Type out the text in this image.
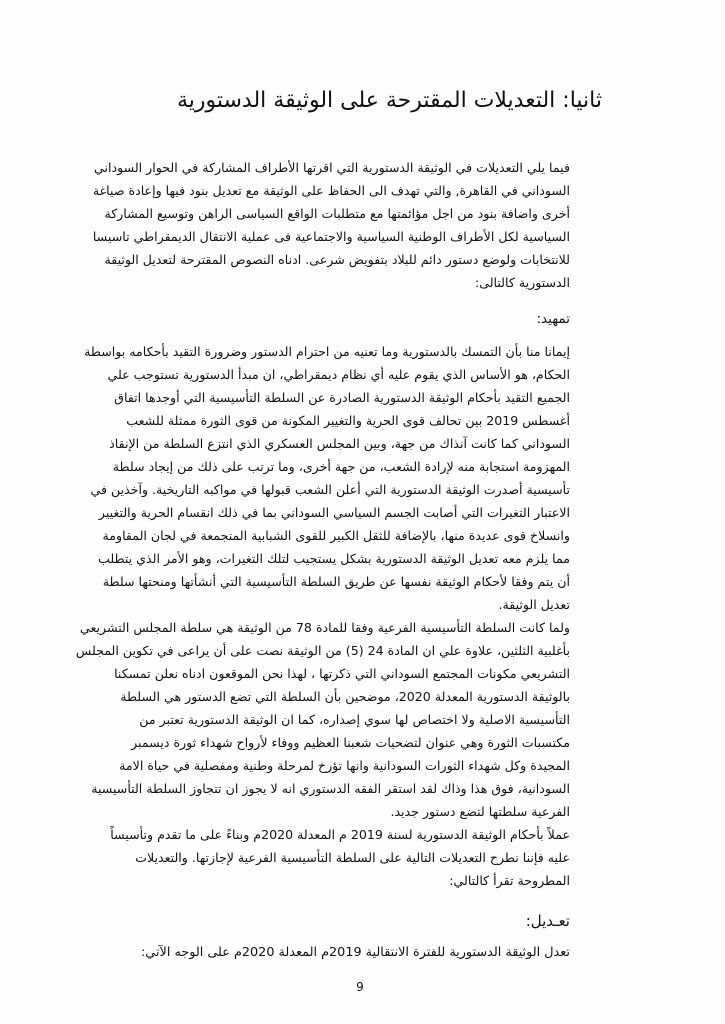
ثانيا: التعديلات المقترحة على الوثيقة الدستورية
فيما يلي التعديلات في الوثيقة الدستورية التي اقرتها الأطراف المشاركة في الحوار السوداني
السوداني في القاهرة, والتي تهدف الى الحفاظ على الوثيقة مع تعديل بنود فيها وإعادة صياغة
أخرى واضافة بنود من اجل مؤائمتها مع متطلبات الواقع السياسى الراهن وتوسيع المشاركة
السياسية لكل الأطراف الوطنية السياسية والاجتماعية فى عملية الانتقال الديمقراطي تاسيسا
للانتخابات ولوضع دستور دائم للبلاد بتفويض شرعى. ادناه النصوص المقترحة لتعديل الوثيقة
الدستورية كالتالى:
تمهيد:
إيمانا منا بأن التمسك بالدستورية وما تعنيه من احترام الدستور وضرورة التقيد بأحكامه بواسطة
الحكام، هو الأساس الذي يقوم عليه أي نظام ديمقراطي، ان مبدأ الدستورية تستوجب علي
الجميع التقيد بأحكام الوثيقة الدستورية الصادرة عن السلطة التأسيسية التي أوجدها اتفاق
أغسطس 2019 بين تحالف قوى الحرية والتغيير المكونة من قوى الثورة ممثلة للشعب
السوداني كما كانت آنذاك من جهة، وبين المجلس العسكري الذي انتزع السلطة من الإنقاذ
المهزومة استجابة منه لإرادة الشعب، من جهة أخرى، وما ترتب على ذلك من إيجاد سلطة
تأسيسية أصدرت الوثيقة الدستورية التي أعلن الشعب قبولها في مواكبه التاريخية. وآخذين في
الاعتبار التغيرات التي أصابت الجسم السياسي السوداني بما في ذلك انقسام الحرية والتغيير
وانسلاخ قوى عديدة منها، بالإضافة للثقل الكبير للقوى الشبابية المتجمعة في لجان المقاومة
مما يلزم معه تعديل الوثيقة الدستورية بشكل يستجيب لتلك التغيرات، وهو الأمر الذي يتطلب
أن يتم وفقا لأحكام الوثيقة نفسها عن طريق السلطة التأسيسية التي أنشأتها ومنحتها سلطة
تعديل الوثيقة.
ولما كانت السلطة التأسيسية الفرعية وفقا للمادة 78 من الوثيقة هي سلطة المجلس التشريعي
بأغلبية الثلثين، علاوة علي ان المادة 24 (5) من الوثيقة نصت على أن يراعى في تكوين المجلس
التشريعي مكونات المجتمع السوداني التي ذكرتها ، لهذا نحن الموقعون ادناه نعلن تمسكنا
بالوثيقة الدستورية المعدلة 2020، موضحين بأن السلطة التي تضع الدستور هي السلطة
التأسيسية الاصلية ولا اختصاص لها سوي إصداره، كما ان الوثيقة الدستورية تعتبر من
مكتسبات الثورة وهي عنوان لتضحيات شعبنا العظيم ووفاء لأرواح شهداء ثورة ديسمبر
المجيدة وكل شهداء الثورات السودانية وانها تؤرخ لمرحلة وطنية ومفصلية في حياة الامة
السودانية، فوق هذا وذاك لقد استقر الفقه الدستوري انه لا يجوز ان تتجاوز السلطة التأسيسية
الفرعية سلطتها لتضع دستور جديد.
عملاً بأحكام الوثيقة الدستورية لسنة 2019 م المعدلة 2020م وبناءً على ما تقدم وتأسيساً
عليه فإننا نطرح التعديلات التالية على السلطة التأسيسية الفرعية لإجازتها. والتعديلات
المطروحة تقرأ كالتالي:
تعـديل:
تعدل الوثيقة الدستورية للفترة الانتقالية 2019م المعدلة 2020م على الوجه الآتي:
9
